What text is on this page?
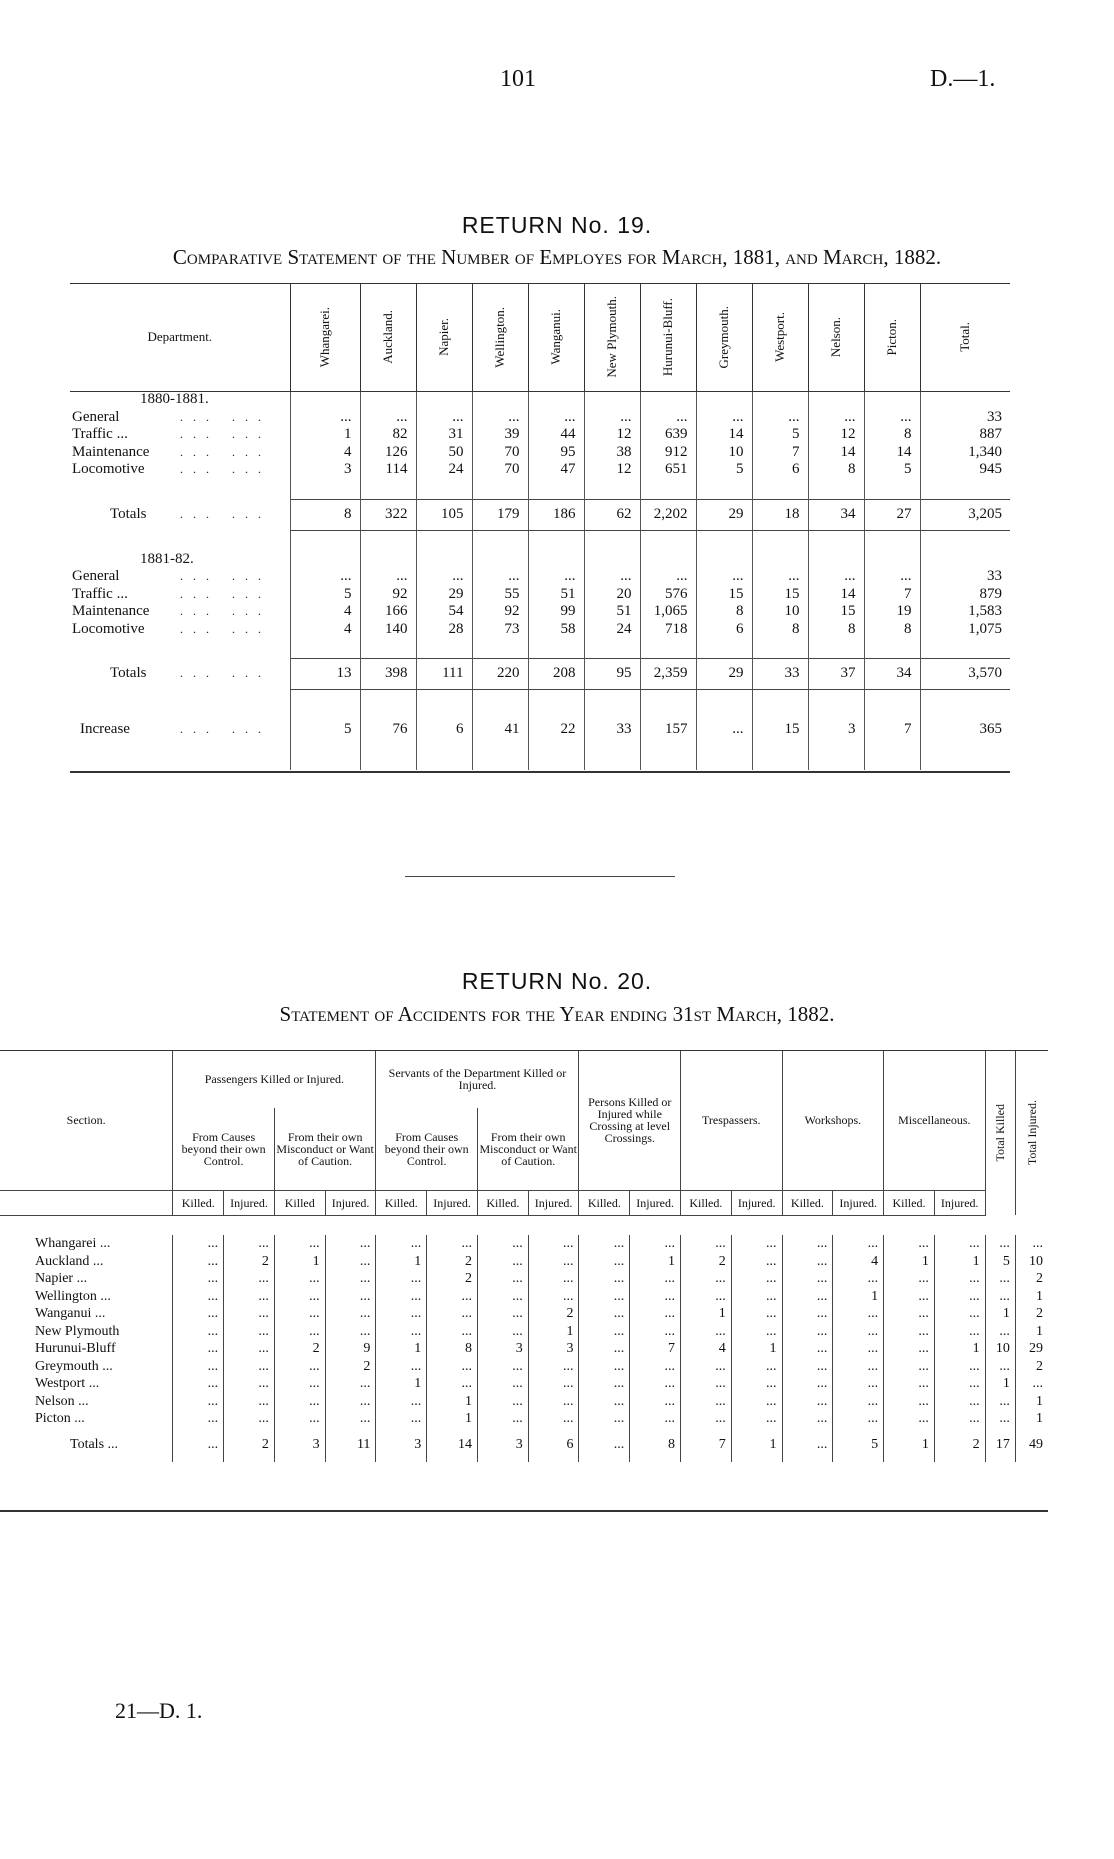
101	D.—1.
RETURN No. 19.
Comparative Statement of the Number of Employes for March, 1881, and March, 1882.
Department.	Whangarei.	Auckland.	Napier.	Wellington.	Wanganui.	New Plymouth.	Hurunui-Bluff.	Greymouth.	Westport.	Nelson.	Picton.	Total.

1880-1881.												
General ... ...	...	...	...	...	...	...	...	...	...	...	...	33
Traffic ... ... ...	1	82	31	39	44	12	639	14	5	12	8	887
Maintenance ... ...	4	126	50	70	95	38	912	10	7	14	14	1,340
Locomotive ... ...	3	114	24	70	47	12	651	5	6	8	5	945

Totals ... ...	8	322	105	179	186	62	2,202	29	18	34	27	3,205

1881-82.												
General ... ...	...	...	...	...	...	...	...	...	...	...	...	33
Traffic ... ... ...	5	92	29	55	51	20	576	15	15	14	7	879
Maintenance ... ...	4	166	54	92	99	51	1,065	8	10	15	19	1,583
Locomotive ... ...	4	140	28	73	58	24	718	6	8	8	8	1,075

Totals ... ...	13	398	111	220	208	95	2,359	29	33	37	34	3,570

Increase ... ...	5	76	6	41	22	33	157	...	15	3	7	365

RETURN No. 20.
Statement of Accidents for the Year ending 31st March, 1882.
Section.	Passengers Killed or Injured.				Servants of the Department Killed or Injured.				Persons Killed or Injured while Crossing at level Crossings.		Trespassers.		Workshops.		Miscellaneous.		Total Killed	Total Injured.

	From Causes beyond their own Control.		From their own Misconduct or Want of Caution.		From Causes beyond their own Control.		From their own Misconduct or Want of Caution.											
	Killed.	Injured.	Killed	Injured.	Killed.	Injured.	Killed.	Injured.	Killed.	Injured.	Killed.	Injured.	Killed.	Injured.	Killed.	Injured.		

Whangarei ...	...	...	...	...	...	...	...	...	...	...	...	...	...	...	...	...	...	...
Auckland ...	...	2	1	...	1	2	...	...	...	1	2	...	...	4	1	1	5	10
Napier ...	...	...	...	...	...	2	...	...	...	...	...	...	...	...	...	...	...	2
Wellington ...	...	...	...	...	...	...	...	...	...	...	...	...	...	1	...	...	...	1
Wanganui ...	...	...	...	...	...	...	...	2	...	...	1	...	...	...	...	...	1	2
New Plymouth	...	...	...	...	...	...	...	1	...	...	...	...	...	...	...	...	...	1
Hurunui-Bluff	...	...	2	9	1	8	3	3	...	7	4	1	...	...	...	1	10	29
Greymouth ...	...	...	...	2	...	...	...	...	...	...	...	...	...	...	...	...	...	2
Westport ...	...	...	...	...	1	...	...	...	...	...	...	...	...	...	...	...	1	...
Nelson ...	...	...	...	...	...	1	...	...	...	...	...	...	...	...	...	...	...	1
Picton ...	...	...	...	...	...	1	...	...	...	...	...	...	...	...	...	...	...	1
Totals ...	...	2	3	11	3	14	3	6	...	8	7	1	...	5	1	2	17	49
21—D. 1.
